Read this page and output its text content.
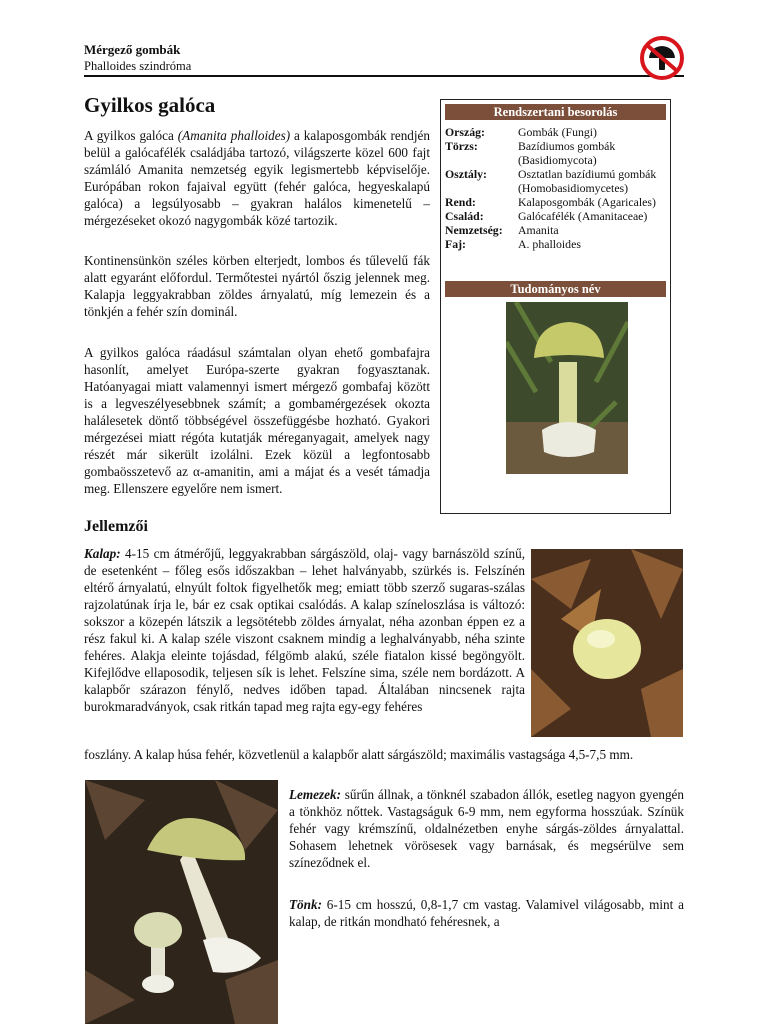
Mérgező gombák
Phalloides szindróma
Gyilkos galóca

A gyilkos galóca (Amanita phalloides) a kalaposgombák rendjén belül a galócafélék családjába tartozó, világszerte közel 600 fajt számláló Amanita nemzetség egyik legismertebb képviselője. Európában rokon fajaival együtt (fehér galóca, hegyeskalapú galóca) a legsúlyosabb – gyakran halálos kimenetelű – mérgezéseket okozó nagygombák közé tartozik.

Kontinensünkön széles körben elterjedt, lombos és tűlevelű fák alatt egyaránt előfordul. Termőtestei nyártól őszig jelennek meg. Kalapja leggyakrabban zöldes árnyalatú, míg lemezein és a tönkjén a fehér szín dominál.

A gyilkos galóca ráadásul számtalan olyan ehető gombafajra hasonlít, amelyet Európa-szerte gyakran fogyasztanak. Hatóanyagai miatt valamennyi ismert mérgező gombafaj között is a legveszélyesebbnek számít; a gombamérgezések okozta halálesetek döntő többségével összefüggésbe hozható. Gyakori mérgezései miatt régóta kutatják méreganyagait, amelyek nagy részét már sikerült izolálni. Ezek közül a legfontosabb gombaösszetevő az α-amanitin, ami a májat és a vesét támadja meg. Ellenszere egyelőre nem ismert.

Rendszertani besorolás
Ország:	Gombák (Fungi)
Törzs:	Bazídiumos gombák (Basidiomycota)
Osztály:	Osztatlan bazídiumú gombák (Homobasidiomycetes)
Rend:	Kalaposgombák (Agaricales)
Család:	Galócafélék (Amanitaceae)
Nemzetség:	Amanita
Faj:	A. phalloides
Tudományos név
Jellemzői

Kalap: 4-15 cm átmérőjű, leggyakrabban sárgászöld, olaj- vagy barnászöld színű, de esetenként – főleg esős időszakban – lehet halványabb, szürkés is. Felszínén eltérő árnyalatú, elnyúlt foltok figyelhetők meg; emiatt több szerző sugaras-szálas rajzolatúnak írja le, bár ez csak optikai csalódás. A kalap színeloszlása is változó: sokszor a közepén látszik a legsötétebb zöldes árnyalat, néha azonban éppen ez a rész fakul ki. A kalap széle viszont csaknem mindig a leghalványabb, néha szinte fehéres. Alakja eleinte tojásdad, félgömb alakú, széle fiatalon kissé begöngyölt. Kifejlődve ellaposodik, teljesen sík is lehet. Felszíne sima, széle nem bordázott. A kalapbőr szárazon fénylő, nedves időben tapad. Általában nincsenek rajta burokmaradványok, csak ritkán tapad meg rajta egy-egy fehéres

foszlány. A kalap húsa fehér, közvetlenül a kalapbőr alatt sárgászöld; maximális vastagsága 4,5-7,5 mm.

Lemezek: sűrűn állnak, a tönknél szabadon állók, esetleg nagyon gyengén a tönkhöz nőttek. Vastagságuk 6-9 mm, nem egyforma hosszúak. Színük fehér vagy krémszínű, oldalnézetben enyhe sárgás-zöldes árnyalattal. Sohasem lehetnek vörösesek vagy barnásak, és megsérülve sem színeződnek el.

Tönk: 6-15 cm hosszú, 0,8-1,7 cm vastag. Valamivel világosabb, mint a kalap, de ritkán mondható fehéresnek, a
